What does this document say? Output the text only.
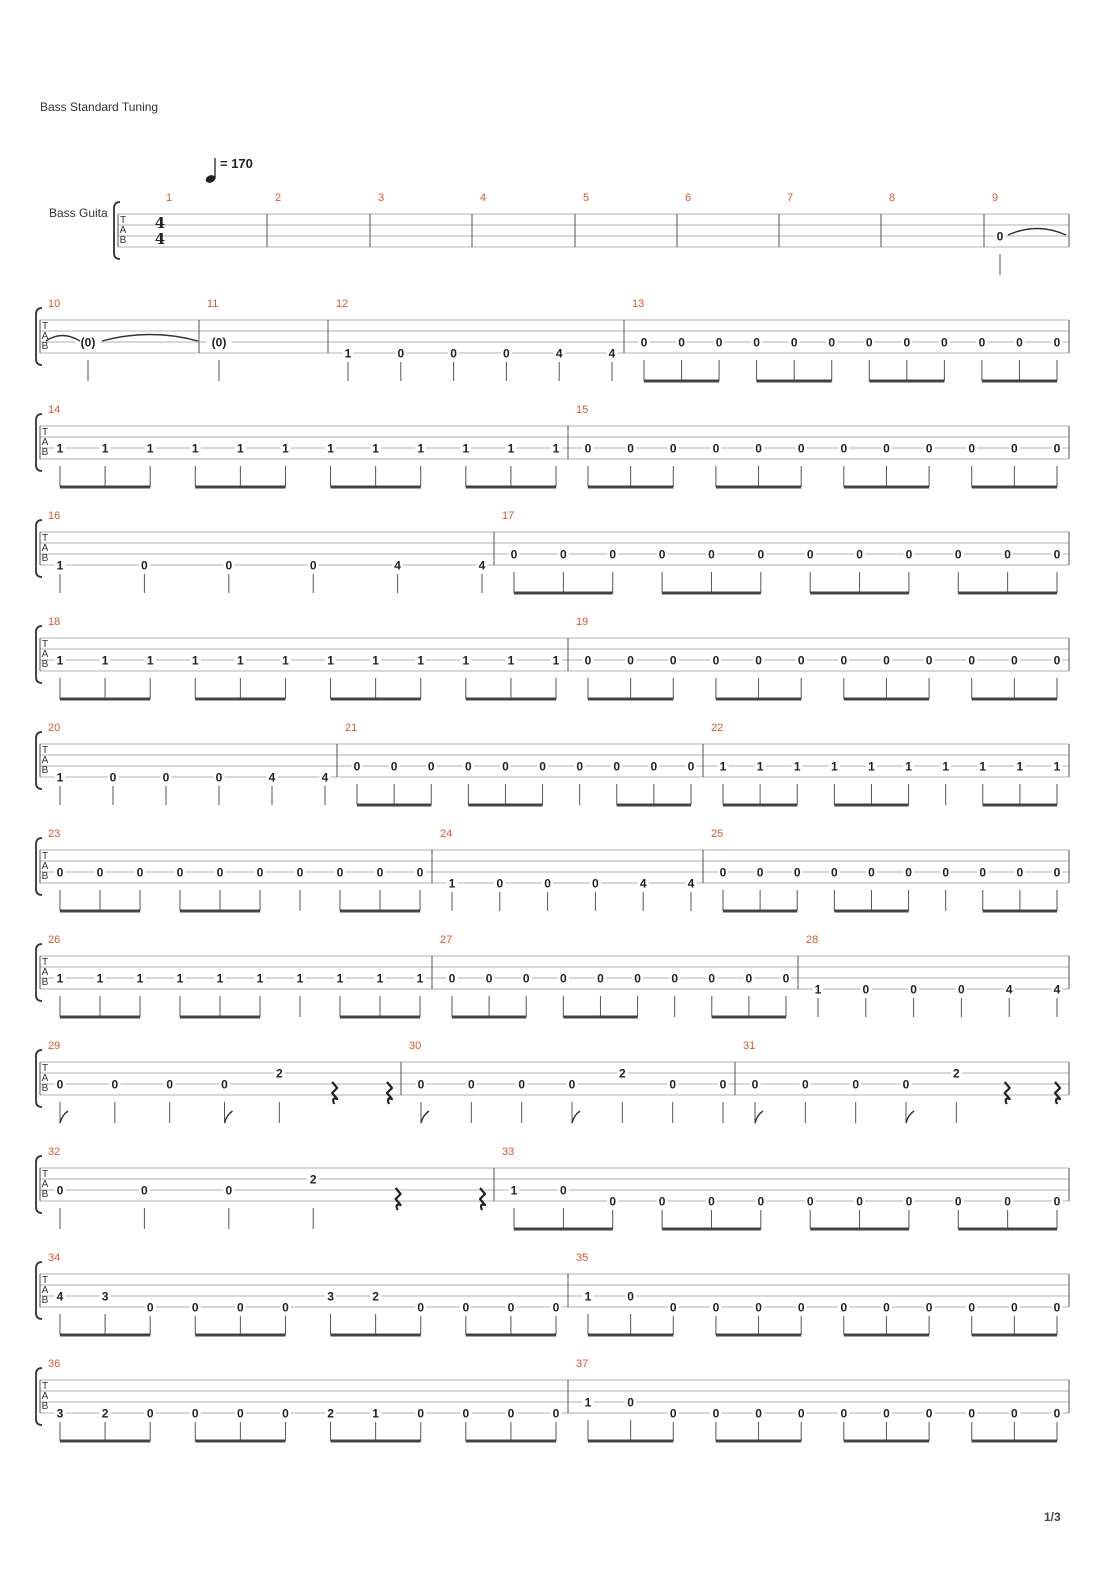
Bass Standard Tuning
= 170
Bass Guita
T
A
B
4
4
1	2	3	4	5	6	7	8	9
0
T
A
B
10
(0)
11
(0)
12
1	0	0	0	4	4
13
0	0	0	0	0	0	0	0	0	0	0	0
T
A
B
14
1	1	1	1	1	1	1	1	1	1	1	1
15
0	0	0	0	0	0	0	0	0	0	0	0
T
A
B
16
1	0	0	0	4	4
17
0	0	0	0	0	0	0	0	0	0	0	0
T
A
B
18
1	1	1	1	1	1	1	1	1	1	1	1
19
0	0	0	0	0	0	0	0	0	0	0	0
T
A
B
20
1	0	0	0	4	4
21
0	0	0	0	0	0	0	0	0	0
22
1	1	1	1	1	1	1	1	1	1
T
A
B
23
0	0	0	0	0	0	0	0	0	0
24
1	0	0	0	4	4
25
0	0	0	0	0	0	0	0	0	0
T
A
B
26
1	1	1	1	1	1	1	1	1	1
27
0	0	0	0	0	0	0	0	0	0
28
1	0	0	0	4	4
T
A
B
29
0	0	0	0
2
30
0	0	0	0
2
0	0
31
0	0	0	0
2
T
A
B
32
0	0	0
2
33
1	0
0	0	0	0	0	0	0	0	0	0
T
A
B
34
4	3
0	0	0	0
3	2
0	0	0	0
35
1	0
0	0	0	0	0	0	0	0	0	0
T
A
B
36
3	2	0	0	0	0	2	1	0	0	0	0
37
1	0
0	0	0	0	0	0	0	0	0	0
1/3
